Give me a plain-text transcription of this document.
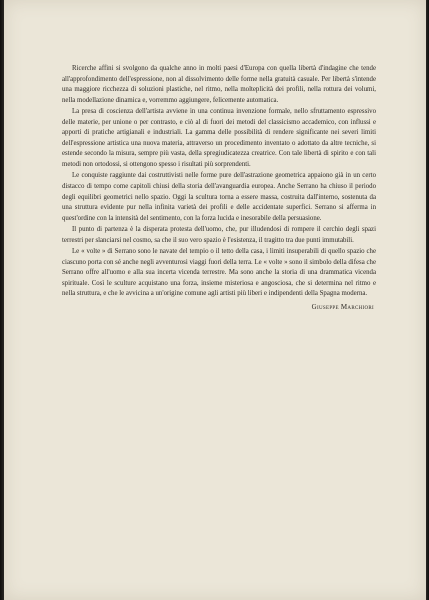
Ricerche affini si svolgono da qualche anno in molti paesi d'Europa con quella libertà d'indagine che tende all'approfondimento dell'espressione, non al dissolvimento delle forme nella gratuità casuale. Per libertà s'intende una maggiore ricchezza di soluzioni plastiche, nel ritmo, nella molteplicità dei profili, nella rottura dei volumi, nella modellazione dinamica e, vorremmo aggiungere, felicemente automatica.

La presa di coscienza dell'artista avviene in una continua invenzione formale, nello sfruttamento espressivo delle materie, per unione o per contrasto, e ciò al di fuori dei metodi del classicismo accademico, con influssi e apporti di pratiche artigianali e industriali. La gamma delle possibilità di rendere significante nei severi limiti dell'espressione artistica una nuova materia, attraverso un procedimento inventato o adottato da altre tecniche, si estende secondo la misura, sempre più vasta, della spregiudicatezza creatrice. Con tale libertà di spirito e con tali metodi non ortodossi, si ottengono spesso i risultati più sorprendenti.

Le conquiste raggiunte dai costruttivisti nelle forme pure dell'astrazione geometrica appaiono già in un certo distacco di tempo come capitoli chiusi della storia dell'avanguardia europea. Anche Serrano ha chiuso il periodo degli equilibri geometrici nello spazio. Oggi la scultura torna a essere massa, costruita dall'interno, sostenuta da una struttura evidente pur nella infinita varietà dei profili e delle accidentate superfici. Serrano si afferma in quest'ordine con la intensità del sentimento, con la forza lucida e inesorabile della persuasione.

Il punto di partenza è la disperata protesta dell'uomo, che, pur illudendosi di rompere il cerchio degli spazi terrestri per slanciarsi nel cosmo, sa che il suo vero spazio è l'esistenza, il tragitto tra due punti immutabili.

Le « volte » di Serrano sono le navate del tempio o il tetto della casa, i limiti insuperabili di quello spazio che ciascuno porta con sé anche negli avventurosi viaggi fuori della terra. Le « volte » sono il simbolo della difesa che Serrano offre all'uomo e alla sua incerta vicenda terrestre. Ma sono anche la storia di una drammatica vicenda spirituale. Così le sculture acquistano una forza, insieme misteriosa e angosciosa, che si determina nel ritmo e nella struttura, e che le avvicina a un'origine comune agli artisti più liberi e indipendenti della Spagna moderna.

Giuseppe Marchiori
